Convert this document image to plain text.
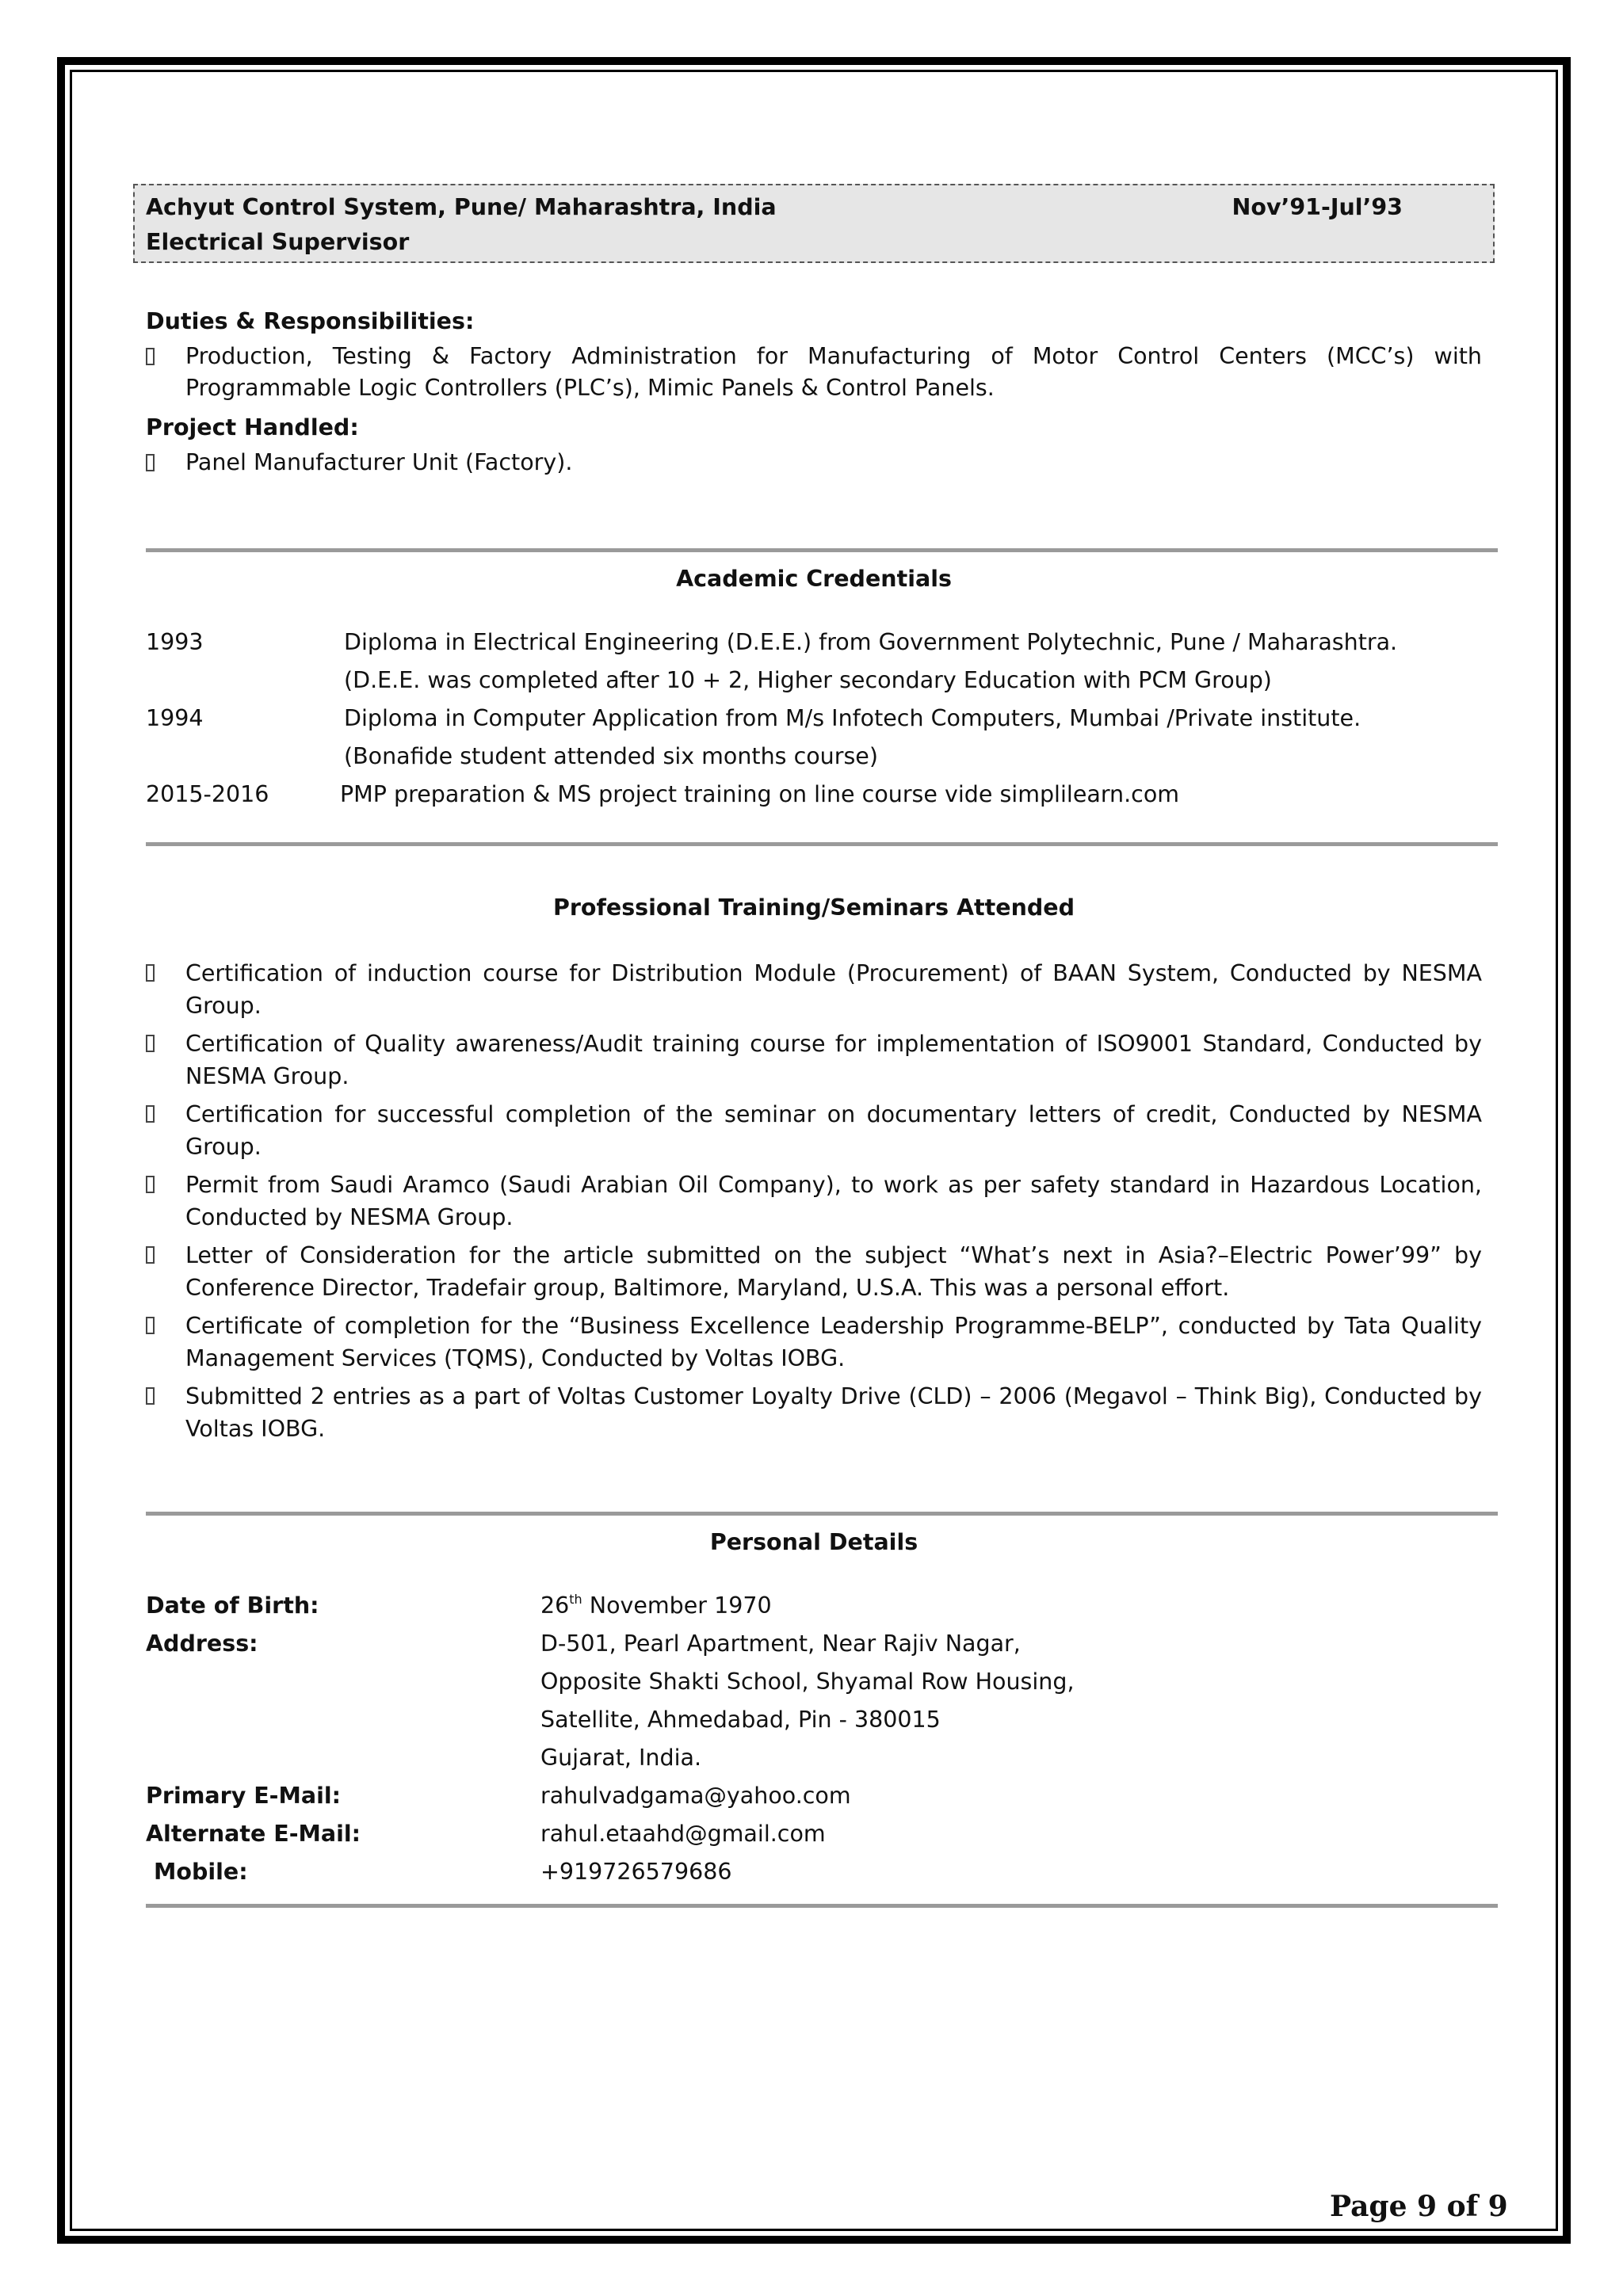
Achyut Control System, Pune/ Maharashtra, India	Nov’91-Jul’93
Electrical Supervisor
Duties & Responsibilities:
Production, Testing & Factory Administration for Manufacturing of Motor Control Centers (MCC’s) with Programmable Logic Controllers (PLC’s), Mimic Panels & Control Panels.
Project Handled:
Panel Manufacturer Unit (Factory).
Academic Credentials
1993	Diploma in Electrical Engineering (D.E.E.) from Government Polytechnic, Pune / Maharashtra.
(D.E.E. was completed after 10 + 2, Higher secondary Education with PCM Group)
1994	Diploma in Computer Application from M/s Infotech Computers, Mumbai /Private institute.
(Bonafide student attended six months course)
2015-2016	PMP preparation & MS project training on line course vide simplilearn.com
Professional Training/Seminars Attended
Certification of induction course for Distribution Module (Procurement) of BAAN System, Conducted by NESMA Group.
Certification of Quality awareness/Audit training course for implementation of ISO9001 Standard, Conducted by NESMA Group.
Certification for successful completion of the seminar on documentary letters of credit, Conducted by NESMA Group.
Permit from Saudi Aramco (Saudi Arabian Oil Company), to work as per safety standard in Hazardous Location, Conducted by NESMA Group.
Letter of Consideration for the article submitted on the subject “What’s next in Asia?–Electric Power’99” by Conference Director, Tradefair group, Baltimore, Maryland, U.S.A. This was a personal effort.
Certificate of completion for the “Business Excellence Leadership Programme-BELP”, conducted by Tata Quality Management Services (TQMS), Conducted by Voltas IOBG.
Submitted 2 entries as a part of Voltas Customer Loyalty Drive (CLD) – 2006 (Megavol – Think Big), Conducted by Voltas IOBG.
Personal Details
Date of Birth:	26th November 1970
Address:	D-501, Pearl Apartment, Near Rajiv Nagar,
Opposite Shakti School, Shyamal Row Housing,
Satellite, Ahmedabad, Pin - 380015
Gujarat, India.
Primary E-Mail:	rahulvadgama@yahoo.com
Alternate E-Mail:	rahul.etaahd@gmail.com
Mobile:	+919726579686
Page 9 of 9
